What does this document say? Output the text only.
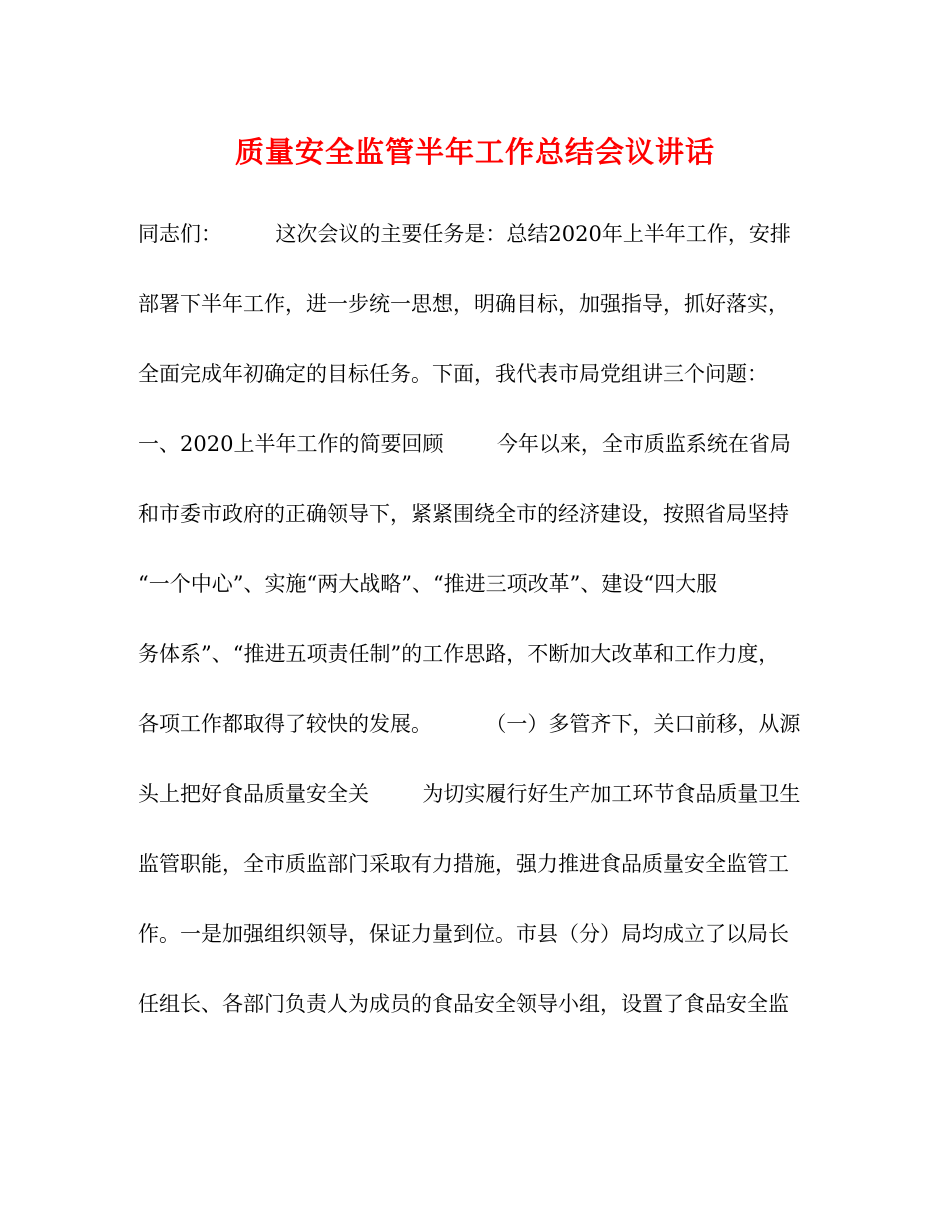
质量安全监管半年工作总结会议讲话
同志们：        这次会议的主要任务是：总结2020年上半年工作，安排
部署下半年工作，进一步统一思想，明确目标，加强指导，抓好落实，
全面完成年初确定的目标任务。下面，我代表市局党组讲三个问题：
一、2020上半年工作的简要回顾        今年以来，全市质监系统在省局
和市委市政府的正确领导下，紧紧围绕全市的经济建设，按照省局坚持
“一个中心”、实施“两大战略”、“推进三项改革”、建设“四大服
务体系”、“推进五项责任制”的工作思路，不断加大改革和工作力度，
各项工作都取得了较快的发展。        （一）多管齐下，关口前移，从源
头上把好食品质量安全关        为切实履行好生产加工环节食品质量卫生
监管职能，全市质监部门采取有力措施，强力推进食品质量安全监管工
作。一是加强组织领导，保证力量到位。市县（分）局均成立了以局长
任组长、各部门负责人为成员的食品安全领导小组，设置了食品安全监
